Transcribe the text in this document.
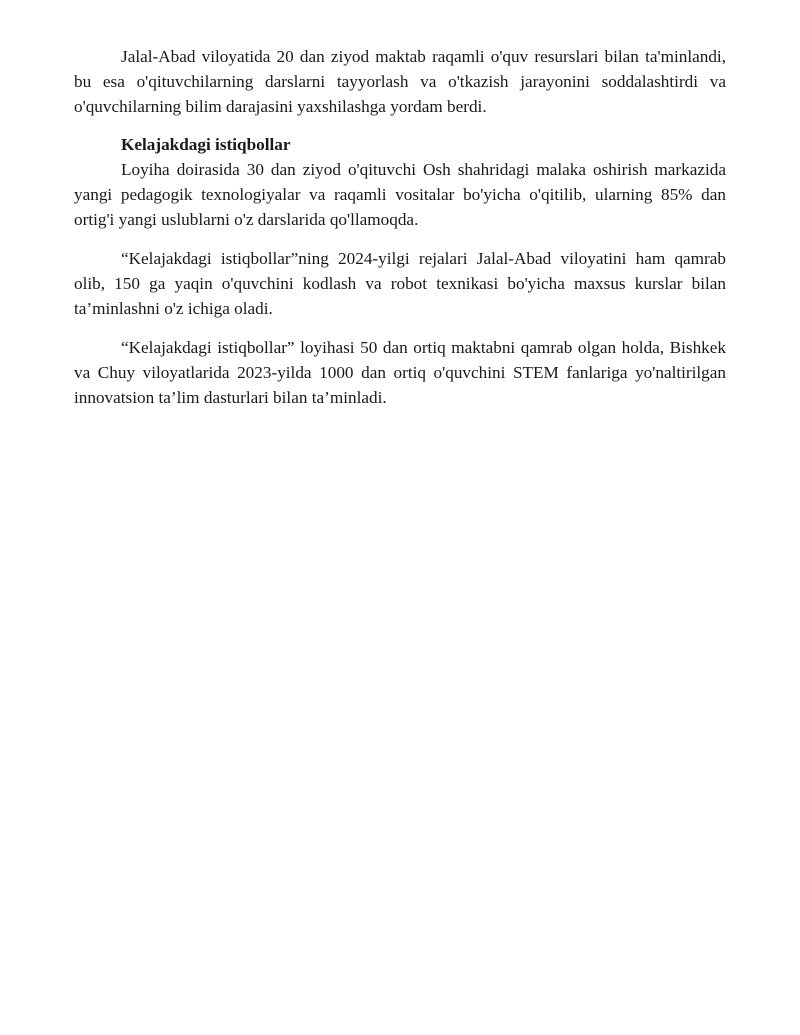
Jalal-Abad viloyatida 20 dan ziyod maktab raqamli o'quv resurslari bilan ta'minlandi, bu esa o'qituvchilarning darslarni tayyorlash va o'tkazish jarayonini soddalashtirdi va o'quvchilarning bilim darajasini yaxshilashga yordam berdi.

Kelajakdagi istiqbollar

Loyiha doirasida 30 dan ziyod o'qituvchi Osh shahridagi malaka oshirish markazida yangi pedagogik texnologiyalar va raqamli vositalar bo'yicha o'qitilib, ularning 85% dan ortig'i yangi uslublarni o'z darslarida qo'llamoqda.

“Kelajakdagi istiqbollar”ning 2024-yilgi rejalari Jalal-Abad viloyatini ham qamrab olib, 150 ga yaqin o'quvchini kodlash va robot texnikasi bo'yicha maxsus kurslar bilan ta’minlashni o'z ichiga oladi.

“Kelajakdagi istiqbollar” loyihasi 50 dan ortiq maktabni qamrab olgan holda, Bishkek va Chuy viloyatlarida 2023-yilda 1000 dan ortiq o'quvchini STEM fanlariga yo'naltirilgan innovatsion ta’lim dasturlari bilan ta’minladi.
